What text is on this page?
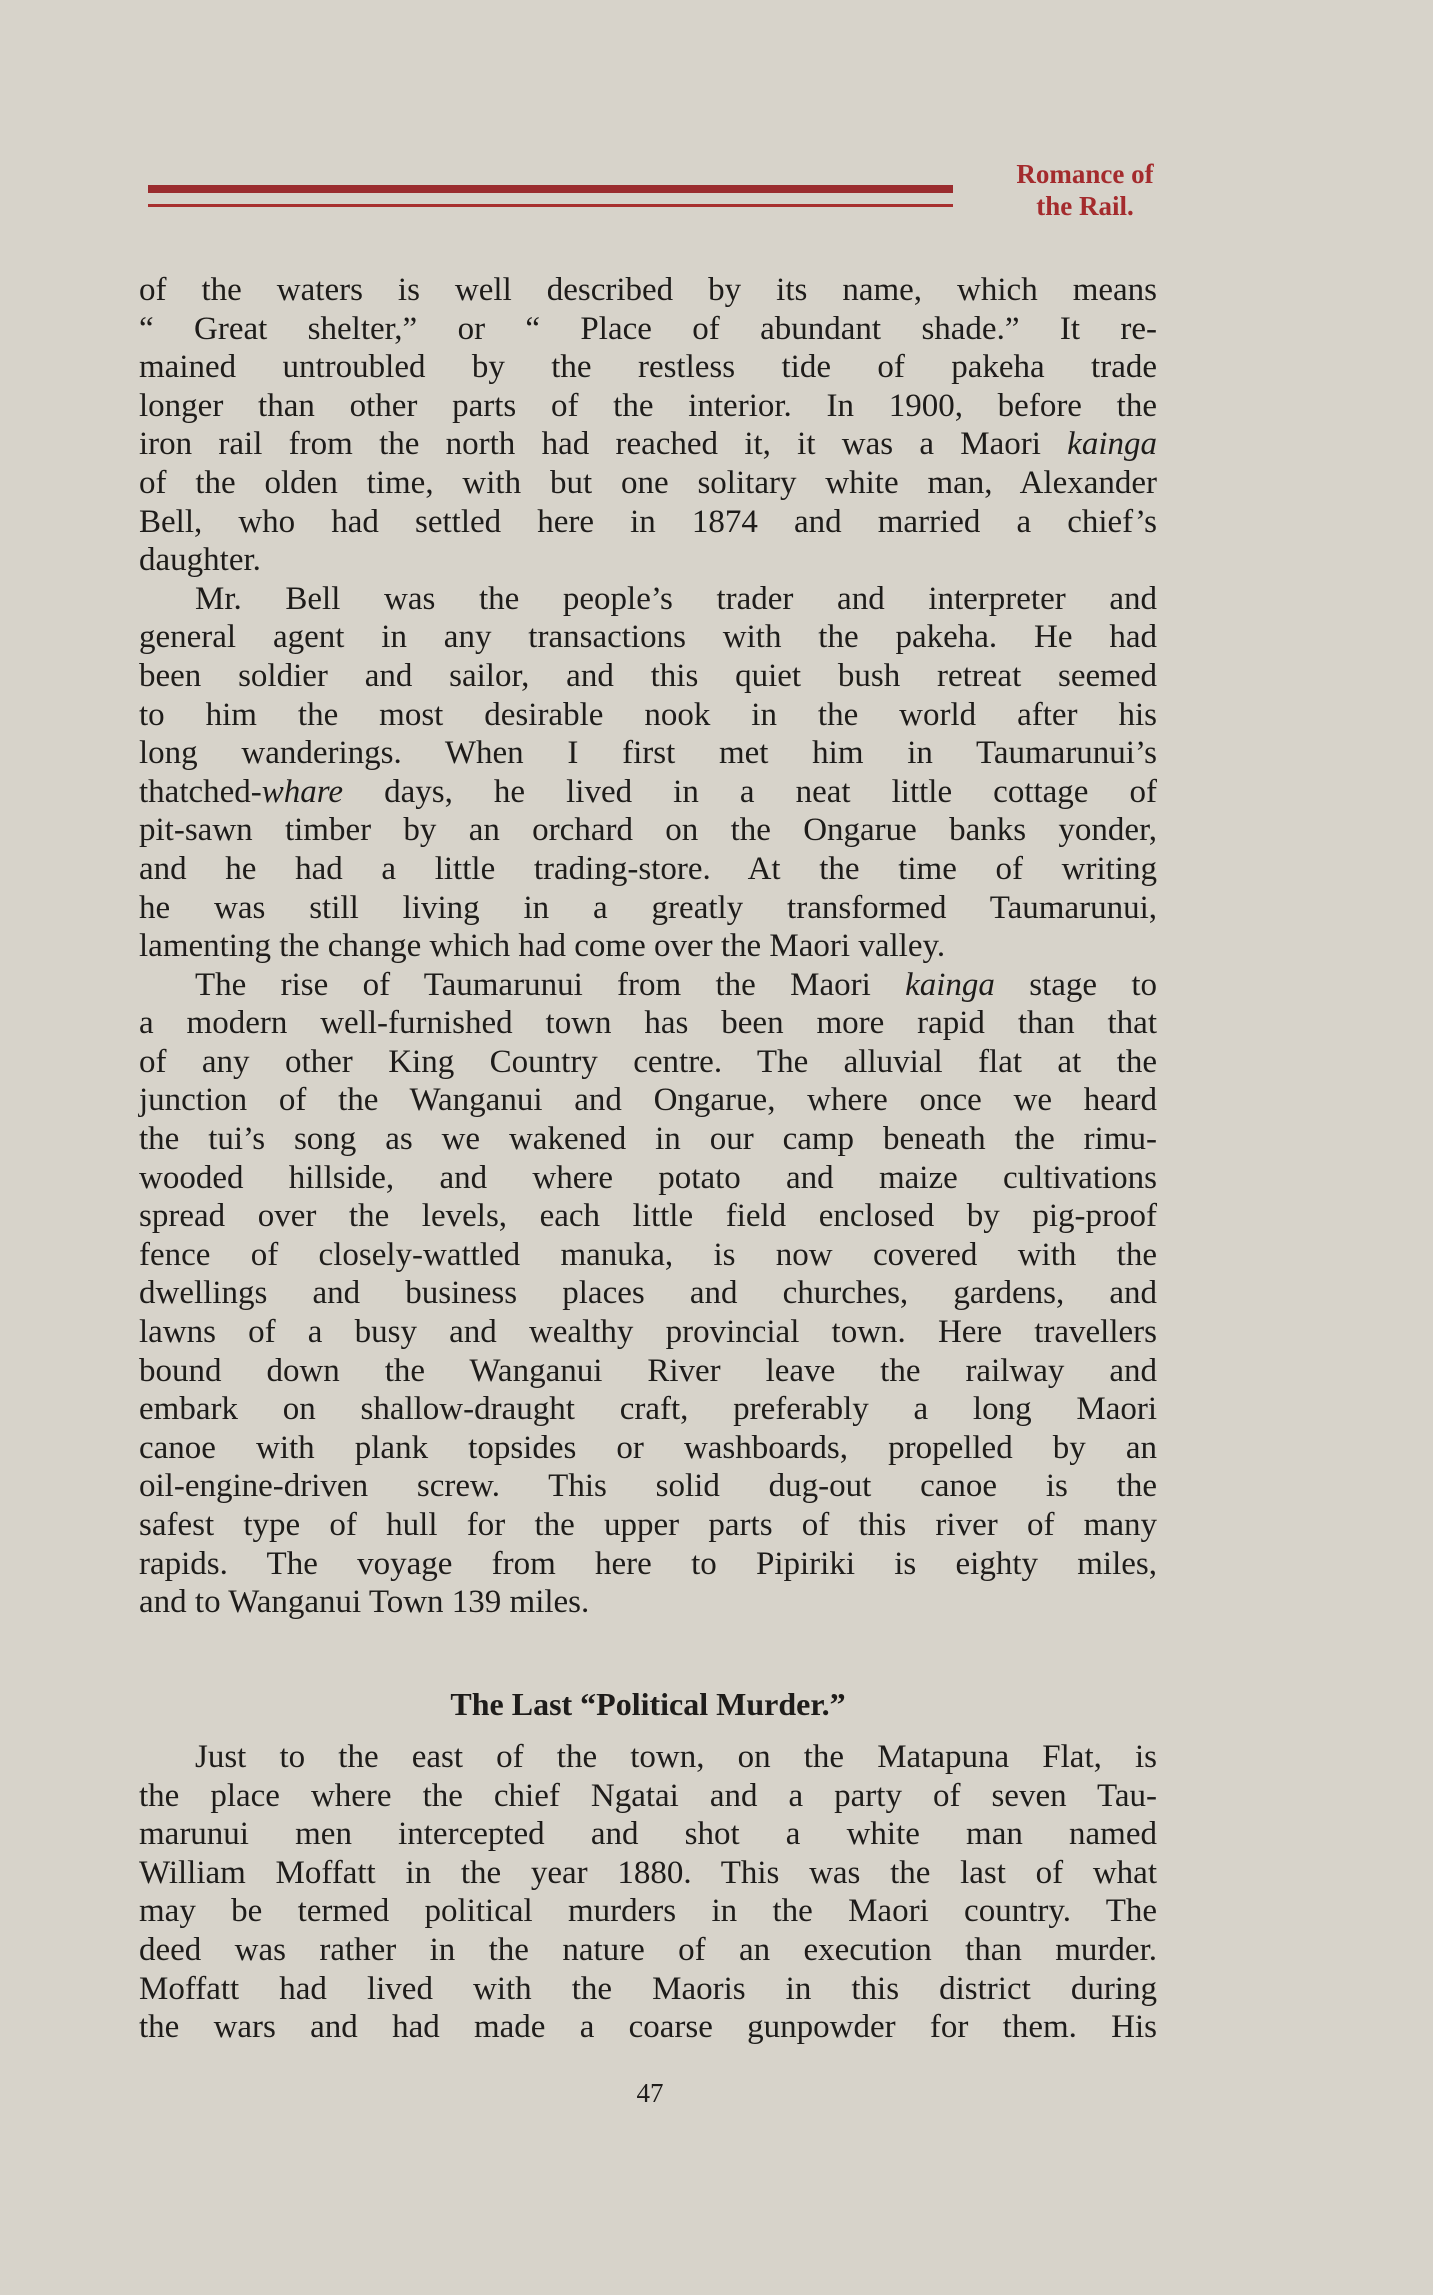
Romance of
the Rail.
of the waters is well described by its name, which means
“ Great shelter,” or “ Place of abundant shade.” It re-
mained untroubled by the restless tide of pakeha trade
longer than other parts of the interior. In 1900, before the
iron rail from the north had reached it, it was a Maori kainga
of the olden time, with but one solitary white man, Alexander
Bell, who had settled here in 1874 and married a chief’s
daughter.
Mr. Bell was the people’s trader and interpreter and
general agent in any transactions with the pakeha. He had
been soldier and sailor, and this quiet bush retreat seemed
to him the most desirable nook in the world after his
long wanderings. When I first met him in Taumarunui’s
thatched-whare days, he lived in a neat little cottage of
pit-sawn timber by an orchard on the Ongarue banks yonder,
and he had a little trading-store. At the time of writing
he was still living in a greatly transformed Taumarunui,
lamenting the change which had come over the Maori valley.
The rise of Taumarunui from the Maori kainga stage to
a modern well-furnished town has been more rapid than that
of any other King Country centre. The alluvial flat at the
junction of the Wanganui and Ongarue, where once we heard
the tui’s song as we wakened in our camp beneath the rimu-
wooded hillside, and where potato and maize cultivations
spread over the levels, each little field enclosed by pig-proof
fence of closely-wattled manuka, is now covered with the
dwellings and business places and churches, gardens, and
lawns of a busy and wealthy provincial town. Here travellers
bound down the Wanganui River leave the railway and
embark on shallow-draught craft, preferably a long Maori
canoe with plank topsides or washboards, propelled by an
oil-engine-driven screw. This solid dug-out canoe is the
safest type of hull for the upper parts of this river of many
rapids. The voyage from here to Pipiriki is eighty miles,
and to Wanganui Town 139 miles.
The Last “Political Murder.”
Just to the east of the town, on the Matapuna Flat, is
the place where the chief Ngatai and a party of seven Tau-
marunui men intercepted and shot a white man named
William Moffatt in the year 1880. This was the last of what
may be termed political murders in the Maori country. The
deed was rather in the nature of an execution than murder.
Moffatt had lived with the Maoris in this district during
the wars and had made a coarse gunpowder for them. His
47
